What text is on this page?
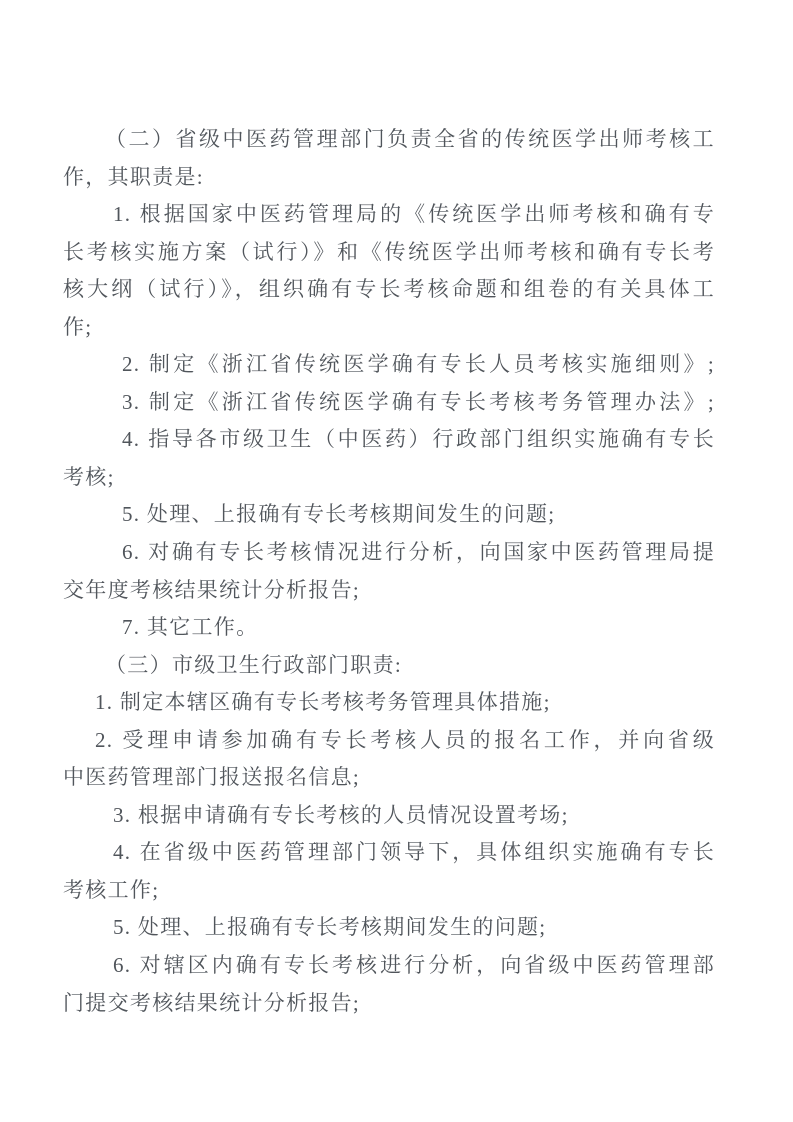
（二）省级中医药管理部门负责全省的传统医学出师考核工
作，其职责是:
1. 根据国家中医药管理局的《传统医学出师考核和确有专
长考核实施方案（试行）》和《传统医学出师考核和确有专长考
核大纲（试行）》，组织确有专长考核命题和组卷的有关具体工
作;
2. 制定《浙江省传统医学确有专长人员考核实施细则》;
3. 制定《浙江省传统医学确有专长考核考务管理办法》;
4. 指导各市级卫生（中医药）行政部门组织实施确有专长
考核;
5. 处理、上报确有专长考核期间发生的问题;
6. 对确有专长考核情况进行分析，向国家中医药管理局提
交年度考核结果统计分析报告;
7. 其它工作。
（三）市级卫生行政部门职责:
1. 制定本辖区确有专长考核考务管理具体措施;
2. 受理申请参加确有专长考核人员的报名工作，并向省级
中医药管理部门报送报名信息;
3. 根据申请确有专长考核的人员情况设置考场;
4. 在省级中医药管理部门领导下，具体组织实施确有专长
考核工作;
5. 处理、上报确有专长考核期间发生的问题;
6. 对辖区内确有专长考核进行分析，向省级中医药管理部
门提交考核结果统计分析报告;
